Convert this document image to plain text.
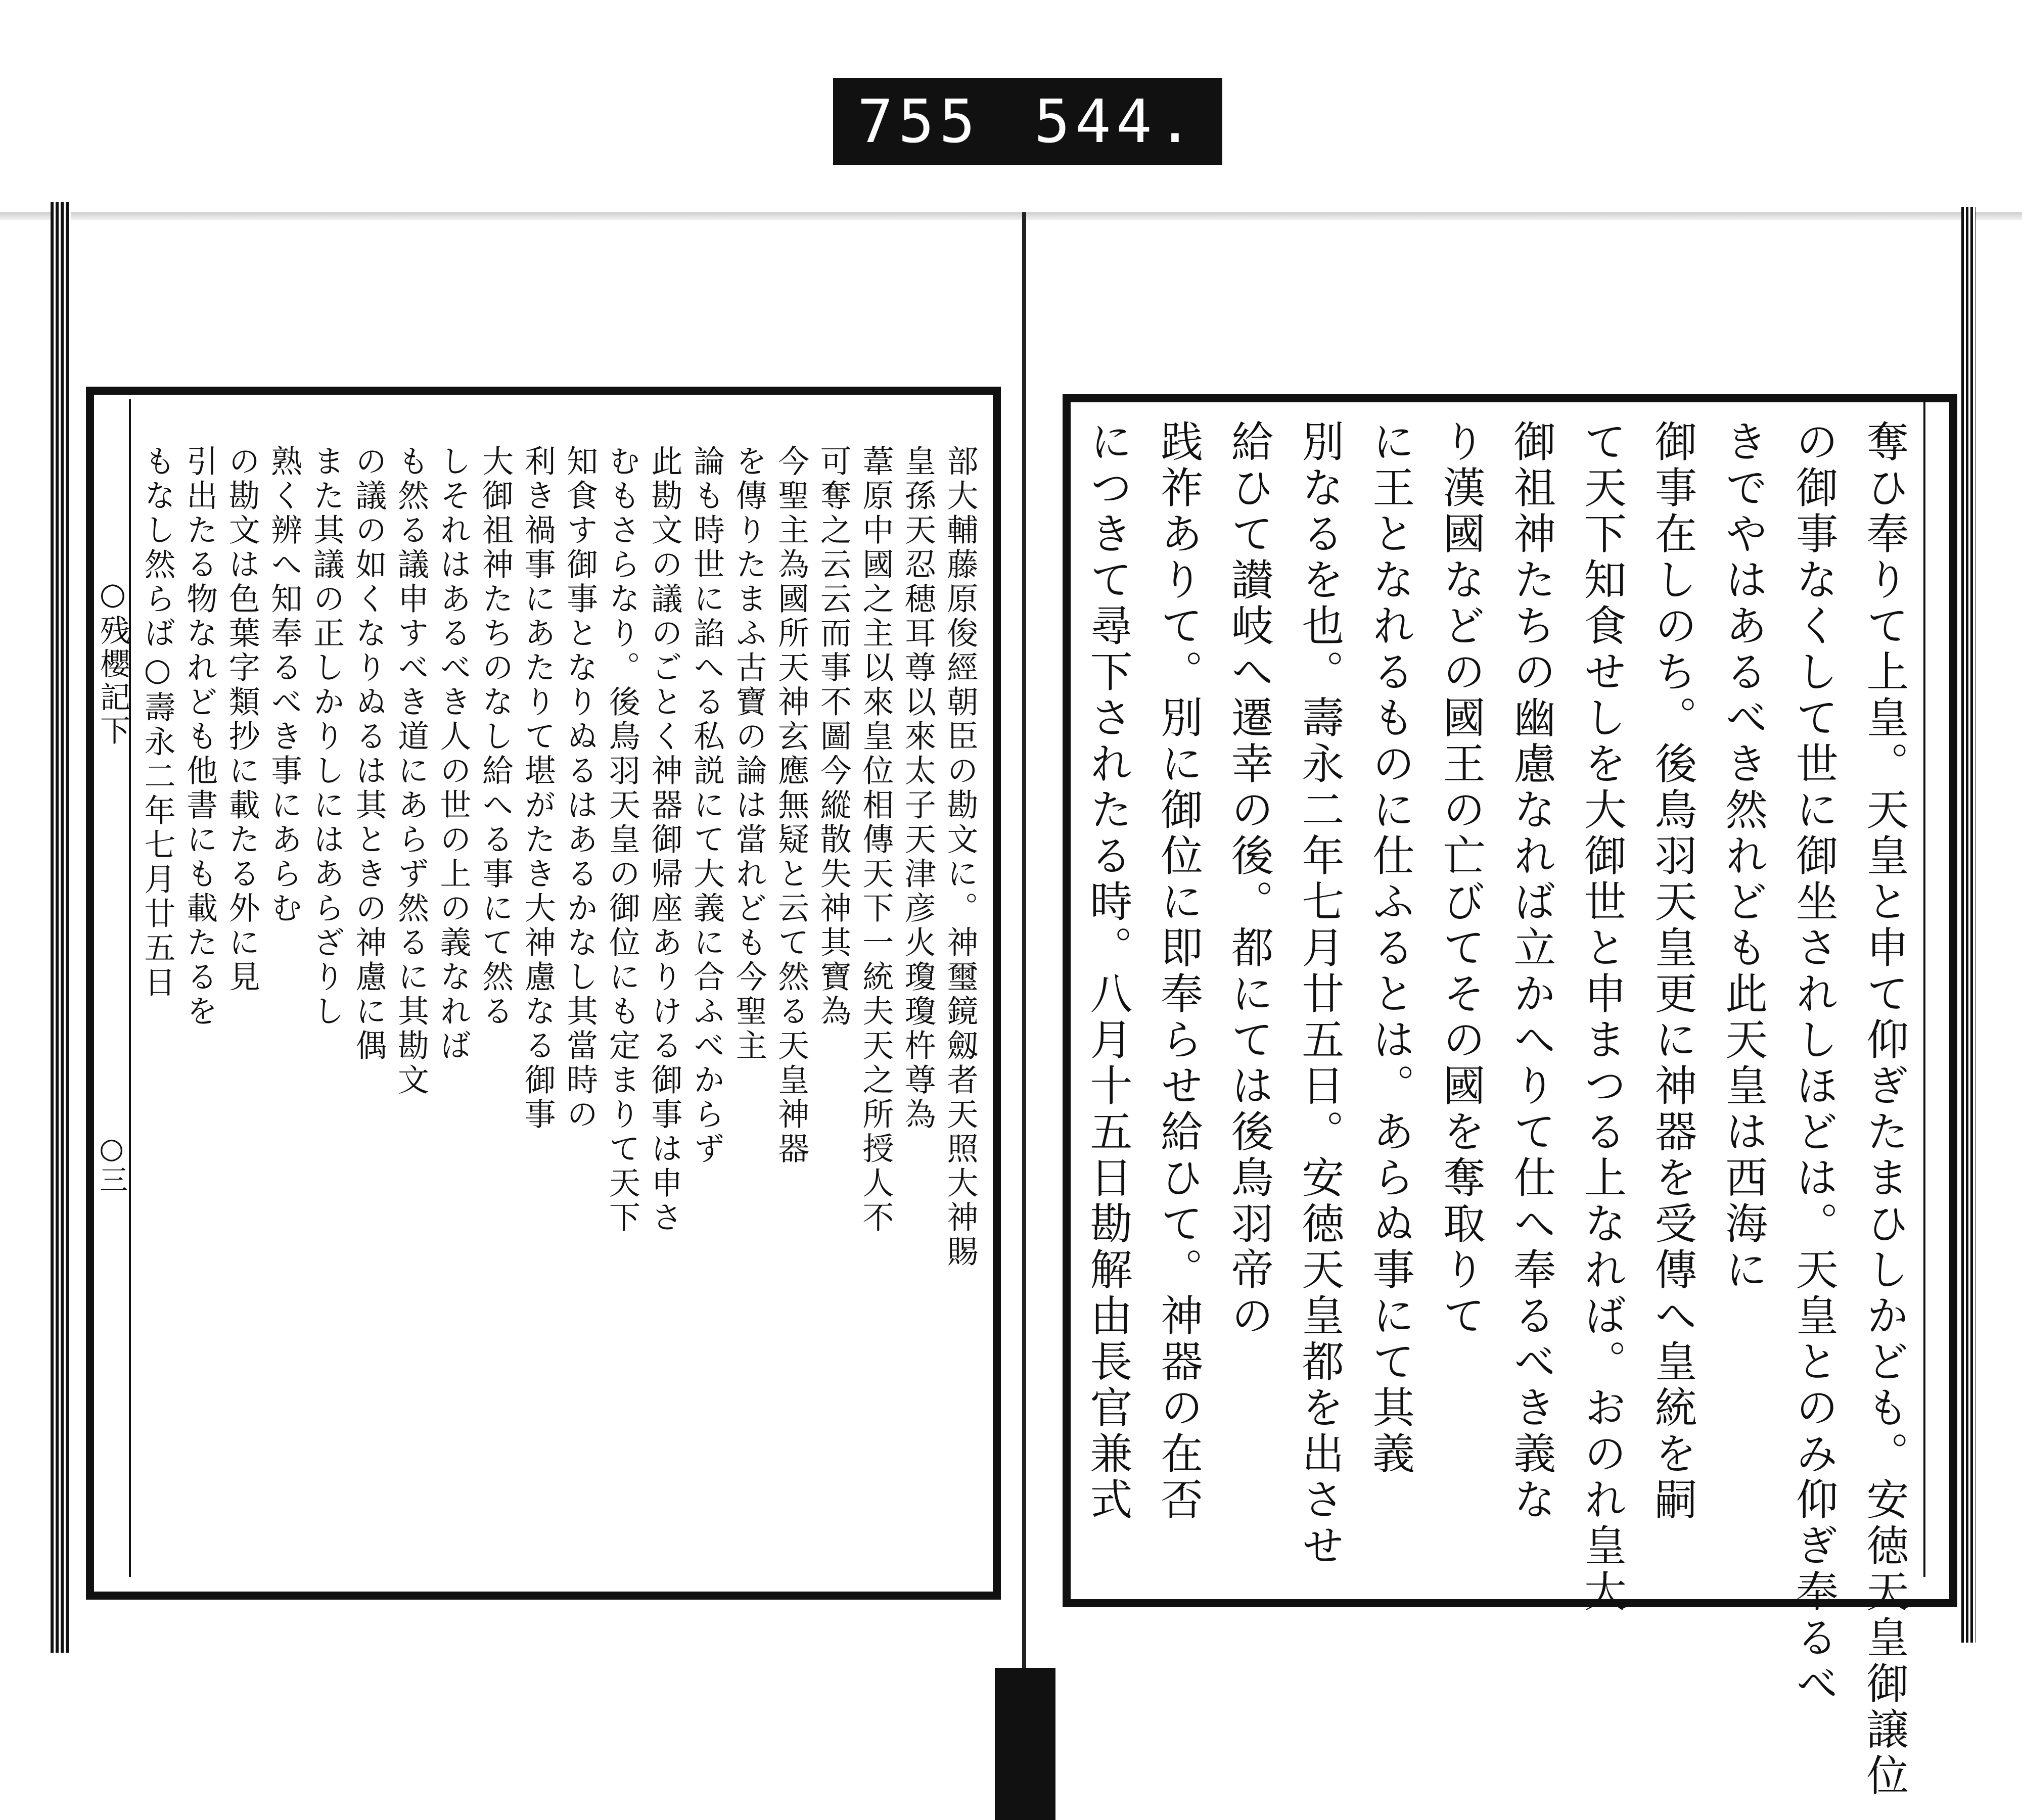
755 544.
○残櫻記下
○三	奪ひ奉りて上皇。天皇と申て仰ぎたまひしかども。安徳天皇御譲位
の御事なくして世に御坐されしほどは。天皇とのみ仰ぎ奉るべ
きでやはあるべき然れども此天皇は西海に
御事在しのち。後鳥羽天皇更に神器を受傳へ皇統を嗣
て天下知食せしを大御世と申まつる上なれば。おのれ皇大
御祖神たちの幽慮なれば立かへりて仕へ奉るべき義な
り漢國などの國王の亡びてその國を奪取りて
に王となれるものに仕ふるとは。あらぬ事にて其義
別なるを也。壽永二年七月廿五日。安徳天皇都を出させ
給ひて讃岐へ遷幸の後。都にては後鳥羽帝の
践祚ありて。別に御位に即奉らせ給ひて。神器の在否
につきて尋下されたる時。八月十五日勘解由長官兼式
部大輔藤原俊經朝臣の勘文に。神璽鏡劔者天照大神賜
皇孫天忍穂耳尊以來太子天津彦火瓊瓊杵尊為
葦原中國之主以來皇位相傳天下一統夫天之所授人不
可奪之云云而事不圖今縱散失神其寶為
今聖主為國所天神玄應無疑と云て然る天皇神器
を傳りたまふ古寶の論は當れども今聖主
論も時世に諂へる私説にて大義に合ふべからず
此勘文の議のごとく神器御帰座ありける御事は申さ
むもさらなり。後鳥羽天皇の御位にも定まりて天下
知食す御事となりぬるはあるかなし其當時の
利き禍事にあたりて堪がたき大神慮なる御事
大御祖神たちのなし給へる事にて然る
しそれはあるべき人の世の上の義なれば
も然る議申すべき道にあらず然るに其勘文
の議の如くなりぬるは其ときの神慮に偶
また其議の正しかりしにはあらざりし
熟く辨へ知奉るべき事にあらむ
の勘文は色葉字類抄に載たる外に見
引出たる物なれども他書にも載たるを
もなし然らば○壽永二年七月廿五日
